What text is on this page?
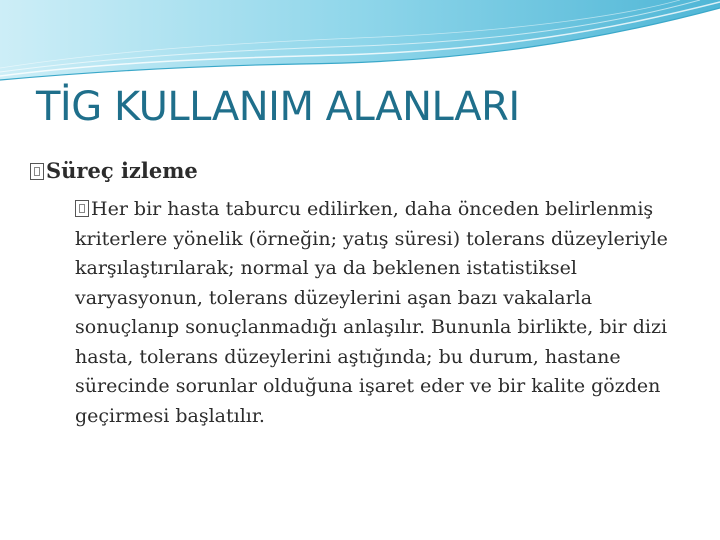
TİG KULLANIM ALANLARI
Süreç izleme
Her bir hasta taburcu edilirken, daha önceden belirlenmiş kriterlere yönelik (örneğin; yatış süresi) tolerans düzeyleriyle karşılaştırılarak; normal ya da beklenen istatistiksel varyasyonun, tolerans düzeylerini aşan bazı vakalarla sonuçlanıp sonuçlanmadığı anlaşılır. Bununla birlikte, bir dizi hasta, tolerans düzeylerini aştığında; bu durum, hastane sürecinde sorunlar olduğuna işaret eder ve bir kalite gözden geçirmesi başlatılır.
